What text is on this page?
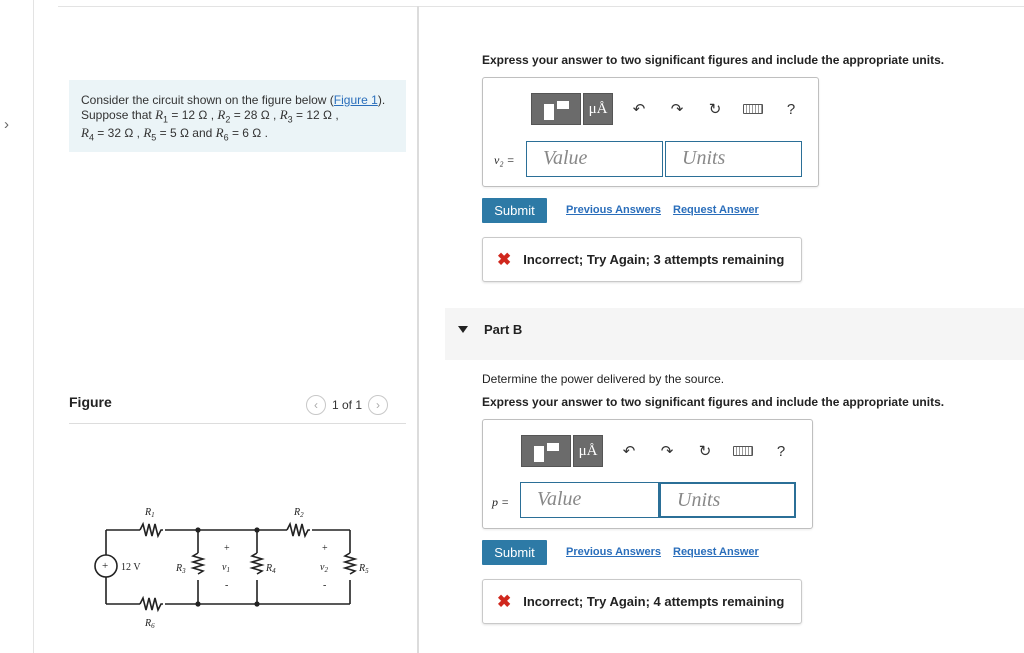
›
Consider the circuit shown on the figure below (Figure 1).
Suppose that $R_1 = 12$ Ω , $R_2 = 28$ Ω , $R_3 = 12$ Ω ,
$R_4 = 32$ Ω , $R_5 = 5$ Ω and $R_6 = 6$ Ω .
Figure	‹	1 of 1	›
+ 12 V
$R_1$	$R_2$
$R_3$	$R_4$	$R_5$
$R_6$
+
$v_1$
-
+
$v_2$
-
Express your answer to two significant figures and include the appropriate units.
μÅ	↶	↷	↻	?
v₂ =	Value	Units
Submit	Previous Answers Request Answer
✖ Incorrect; Try Again; 3 attempts remaining
Part B
Determine the power delivered by the source.
Express your answer to two significant figures and include the appropriate units.
μÅ	↶	↷	↻	?
p =	Value	Units
Submit	Previous Answers Request Answer
✖ Incorrect; Try Again; 4 attempts remaining
